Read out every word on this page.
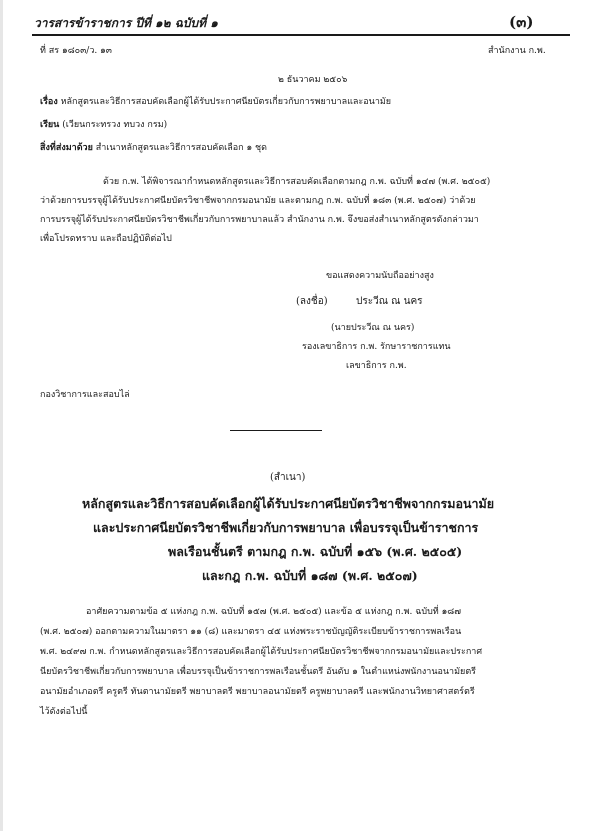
วารสารข้าราชการ ปีที่ ๑๒ ฉบับที่ ๑	(๓)
ที่ สร ๑๘๐๓/ว. ๑๓	สำนักงาน ก.พ.
๒ ธันวาคม ๒๕๐๖
เรื่อง หลักสูตรและวิธีการสอบคัดเลือกผู้ได้รับประกาศนียบัตรเกี่ยวกับการพยาบาลและอนามัย
เรียน (เวียนกระทรวง ทบวง กรม)
สิ่งที่ส่งมาด้วย สำเนาหลักสูตรและวิธีการสอบคัดเลือก ๑ ชุด
ด้วย ก.พ. ได้พิจารณากำหนดหลักสูตรและวิธีการสอบคัดเลือกตามกฎ ก.พ. ฉบับที่ ๑๔๗ (พ.ศ. ๒๕๐๕)
ว่าด้วยการบรรจุผู้ได้รับประกาศนียบัตรวิชาชีพจากกรมอนามัย และตามกฎ ก.พ. ฉบับที่ ๑๘๓ (พ.ศ. ๒๕๐๗) ว่าด้วย
การบรรจุผู้ได้รับประกาศนียบัตรวิชาชีพเกี่ยวกับการพยาบาลแล้ว สำนักงาน ก.พ. จึงขอส่งสำเนาหลักสูตรดังกล่าวมา
เพื่อโปรดทราบ และถือปฏิบัติต่อไป
ขอแสดงความนับถืออย่างสูง
(ลงชื่อ)	ประวีณ ณ นคร
(นายประวีณ ณ นคร)
รองเลขาธิการ ก.พ. รักษาราชการแทน
เลขาธิการ ก.พ.
กองวิชาการและสอบไล่
(สำเนา)
หลักสูตรและวิธีการสอบคัดเลือกผู้ได้รับประกาศนียบัตรวิชาชีพจากกรมอนามัย
และประกาศนียบัตรวิชาชีพเกี่ยวกับการพยาบาล เพื่อบรรจุเป็นข้าราชการ
พลเรือนชั้นตรี ตามกฎ ก.พ. ฉบับที่ ๑๕๖ (พ.ศ. ๒๕๐๕)
และกฎ ก.พ. ฉบับที่ ๑๘๗ (พ.ศ. ๒๕๐๗)
อาศัยความตามข้อ ๕ แห่งกฎ ก.พ. ฉบับที่ ๑๕๗ (พ.ศ. ๒๕๐๕) และข้อ ๕ แห่งกฎ ก.พ. ฉบับที่ ๑๘๗
(พ.ศ. ๒๕๐๗) ออกตามความในมาตรา ๑๑ (๘) และมาตรา ๔๕ แห่งพระราชบัญญัติระเบียบข้าราชการพลเรือน
พ.ศ. ๒๔๙๗ ก.พ. กำหนดหลักสูตรและวิธีการสอบคัดเลือกผู้ได้รับประกาศนียบัตรวิชาชีพจากกรมอนามัยและประกาศ
นียบัตรวิชาชีพเกี่ยวกับการพยาบาล เพื่อบรรจุเป็นข้าราชการพลเรือนชั้นตรี อันดับ ๑ ในตำแหน่งพนักงานอนามัยตรี
อนามัยอำเภอตรี ครูตรี ทันตานามัยตรี พยาบาลตรี พยาบาลอนามัยตรี ครูพยาบาลตรี และพนักงานวิทยาศาสตร์ตรี
ไว้ดังต่อไปนี้
